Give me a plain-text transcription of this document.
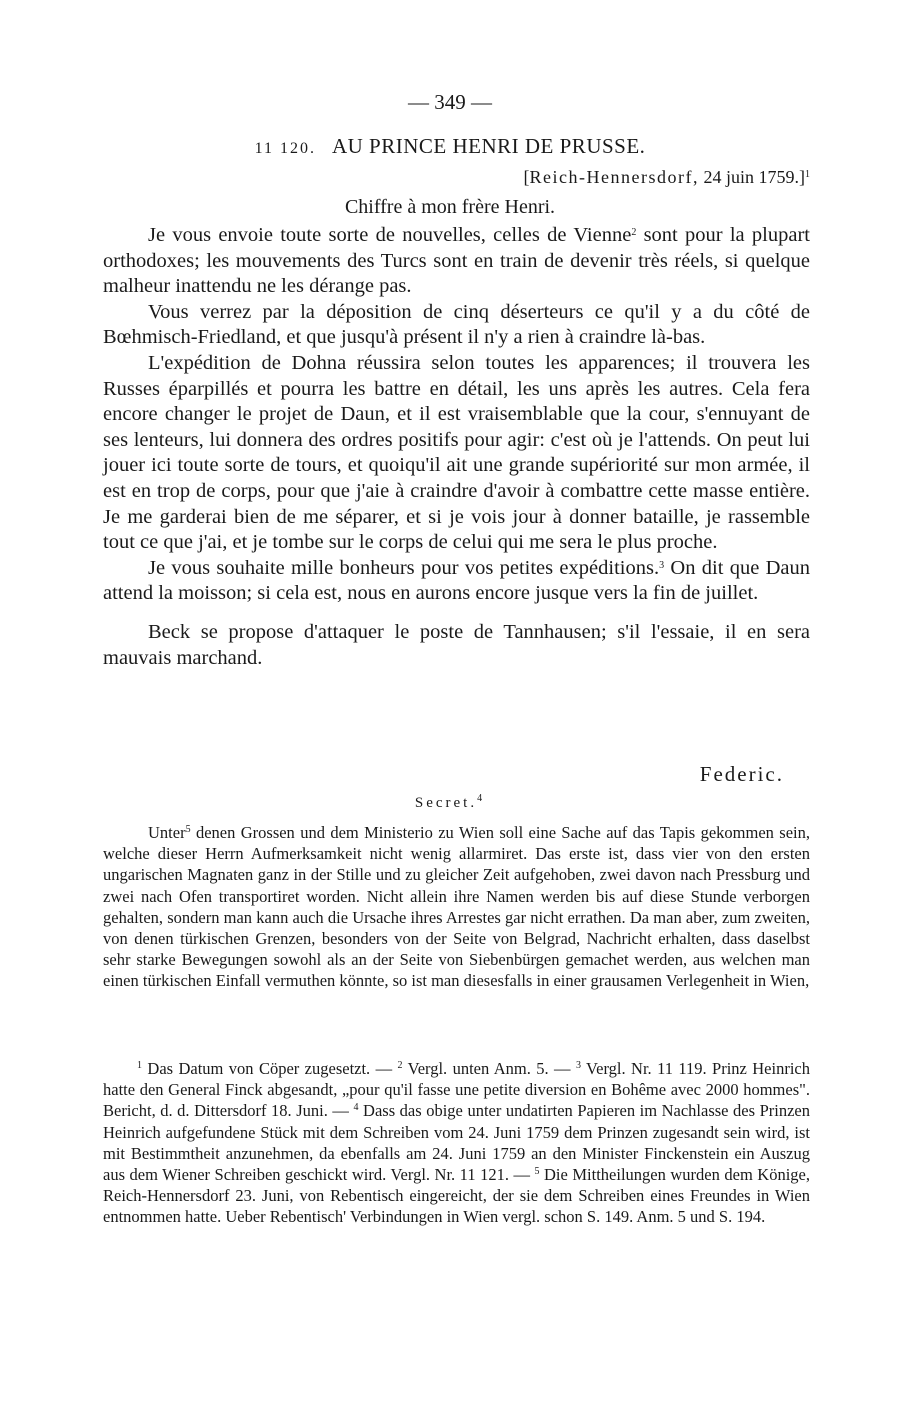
— 349 —
11 120. AU PRINCE HENRI DE PRUSSE.
[Reich-Hennersdorf, 24 juin 1759.]$^1$
Chiffre à mon frère Henri.

Je vous envoie toute sorte de nouvelles, celles de Vienne$^2$ sont pour la plupart orthodoxes; les mouvements des Turcs sont en train de devenir très réels, si quelque malheur inattendu ne les dérange pas.

Vous verrez par la déposition de cinq déserteurs ce qu'il y a du côté de Bœhmisch-Friedland, et que jusqu'à présent il n'y a rien à craindre là-bas.

L'expédition de Dohna réussira selon toutes les apparences; il trouvera les Russes éparpillés et pourra les battre en détail, les uns après les autres. Cela fera encore changer le projet de Daun, et il est vraisemblable que la cour, s'ennuyant de ses lenteurs, lui donnera des ordres positifs pour agir: c'est où je l'attends. On peut lui jouer ici toute sorte de tours, et quoiqu'il ait une grande supériorité sur mon armée, il est en trop de corps, pour que j'aie à craindre d'avoir à combattre cette masse entière. Je me garderai bien de me séparer, et si je vois jour à donner bataille, je rassemble tout ce que j'ai, et je tombe sur le corps de celui qui me sera le plus proche.

Je vous souhaite mille bonheurs pour vos petites expéditions.$^3$ On dit que Daun attend la moisson; si cela est, nous en aurons encore jusque vers la fin de juillet.

Beck se propose d'attaquer le poste de Tannhausen; s'il l'essaie, il en sera mauvais marchand.

Federic.
Secret.$^4$

Unter$^5$ denen Grossen und dem Ministerio zu Wien soll eine Sache auf das Tapis gekommen sein, welche dieser Herrn Aufmerksamkeit nicht wenig allarmiret. Das erste ist, dass vier von den ersten ungarischen Magnaten ganz in der Stille und zu gleicher Zeit aufgehoben, zwei davon nach Pressburg und zwei nach Ofen transportiret worden. Nicht allein ihre Namen werden bis auf diese Stunde verborgen gehalten, sondern man kann auch die Ursache ihres Arrestes gar nicht errathen. Da man aber, zum zweiten, von denen türkischen Grenzen, besonders von der Seite von Belgrad, Nachricht erhalten, dass daselbst sehr starke Bewegungen sowohl als an der Seite von Siebenbürgen gemachet werden, aus welchen man einen türkischen Einfall vermuthen könnte, so ist man diesesfalls in einer grausamen Verlegenheit in Wien,

$^1$ Das Datum von Cöper zugesetzt. — $^2$ Vergl. unten Anm. 5. — $^3$ Vergl. Nr. 11 119. Prinz Heinrich hatte den General Finck abgesandt, „pour qu'il fasse une petite diversion en Bohême avec 2000 hommes". Bericht, d. d. Dittersdorf 18. Juni. — $^4$ Dass das obige unter undatirten Papieren im Nachlasse des Prinzen Heinrich aufgefundene Stück mit dem Schreiben vom 24. Juni 1759 dem Prinzen zugesandt sein wird, ist mit Bestimmtheit anzunehmen, da ebenfalls am 24. Juni 1759 an den Minister Finckenstein ein Auszug aus dem Wiener Schreiben geschickt wird. Vergl. Nr. 11 121. — $^5$ Die Mittheilungen wurden dem Könige, Reich-Hennersdorf 23. Juni, von Rebentisch eingereicht, der sie dem Schreiben eines Freundes in Wien entnommen hatte. Ueber Rebentisch' Verbindungen in Wien vergl. schon S. 149. Anm. 5 und S. 194.
